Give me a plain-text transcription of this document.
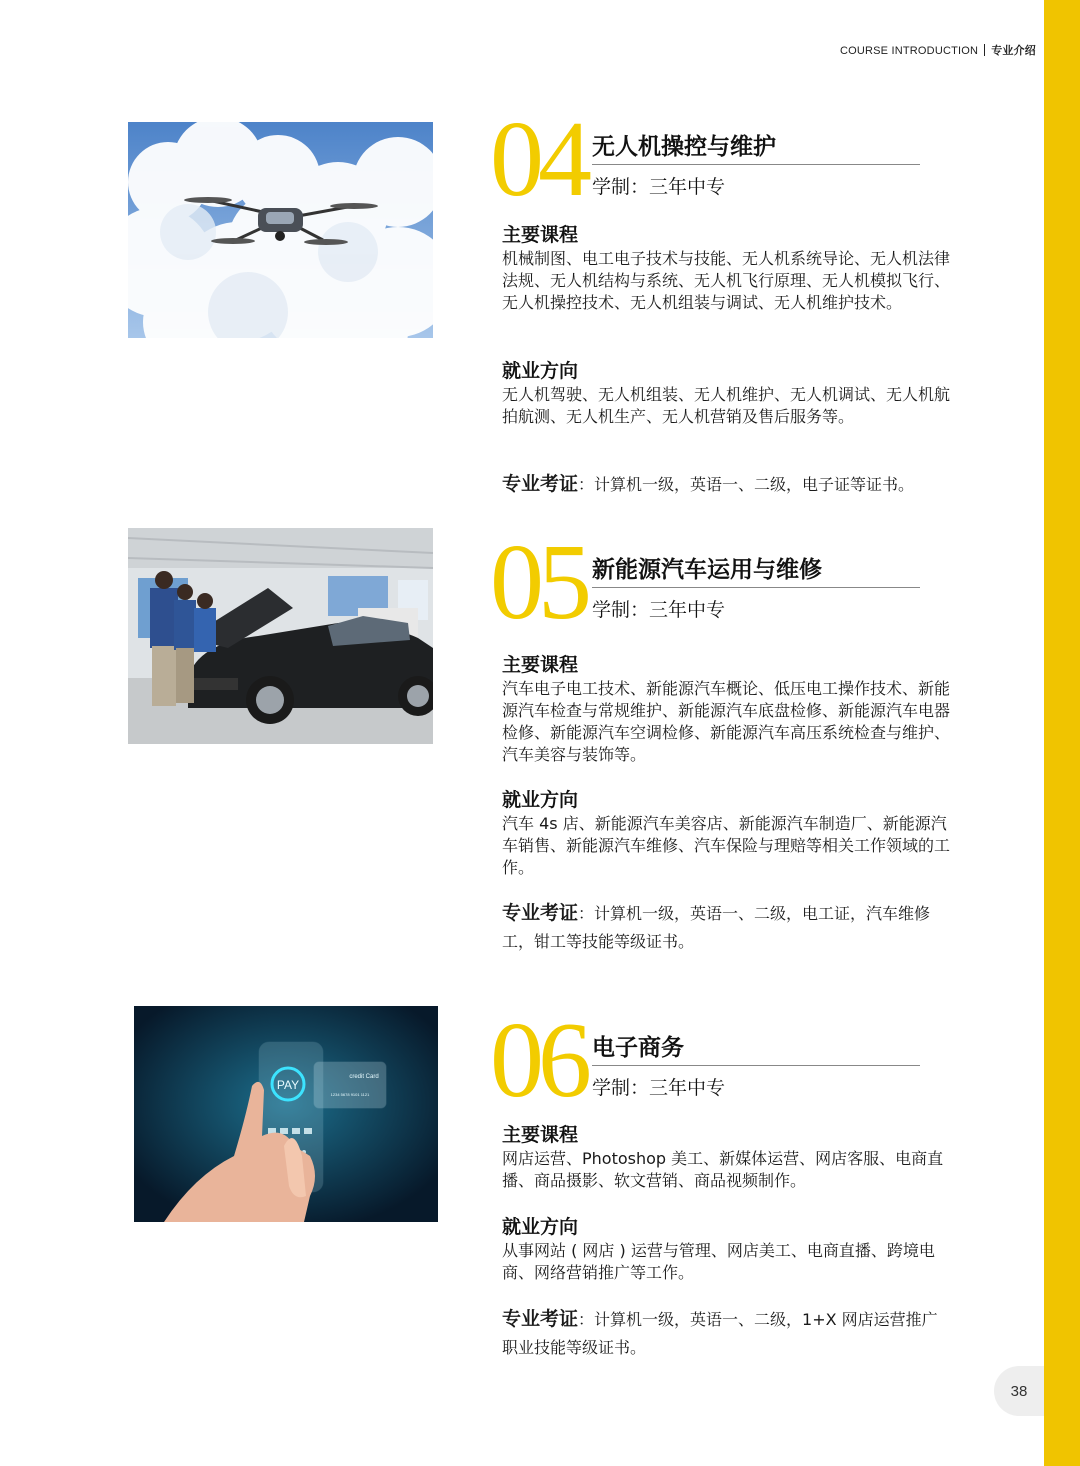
COURSE INTRODUCTION 专业介绍
PAY
credit Card
1234 5678 9101 1121
04 无人机操控与维护
学制：三年中专
主要课程

机械制图、电工电子技术与技能、无人机系统导论、无人机法律法规、无人机结构与系统、无人机飞行原理、无人机模拟飞行、无人机操控技术、无人机组装与调试、无人机维护技术。

就业方向

无人机驾驶、无人机组装、无人机维护、无人机调试、无人机航拍航测、无人机生产、无人机营销及售后服务等。

专业考证：计算机一级，英语一、二级，电子证等证书。
05 新能源汽车运用与维修
学制：三年中专
主要课程

汽车电子电工技术、新能源汽车概论、低压电工操作技术、新能源汽车检查与常规维护、新能源汽车底盘检修、新能源汽车电器检修、新能源汽车空调检修、新能源汽车高压系统检查与维护、汽车美容与装饰等。

就业方向

汽车 4s 店、新能源汽车美容店、新能源汽车制造厂、新能源汽车销售、新能源汽车维修、汽车保险与理赔等相关工作领域的工作。

专业考证：计算机一级，英语一、二级，电工证，汽车维修工，钳工等技能等级证书。
06 电子商务
学制：三年中专
主要课程

网店运营、Photoshop 美工、新媒体运营、网店客服、电商直播、商品摄影、软文营销、商品视频制作。

就业方向

从事网站 ( 网店 ) 运营与管理、网店美工、电商直播、跨境电商、网络营销推广等工作。

专业考证：计算机一级，英语一、二级，1+X 网店运营推广职业技能等级证书。
38
